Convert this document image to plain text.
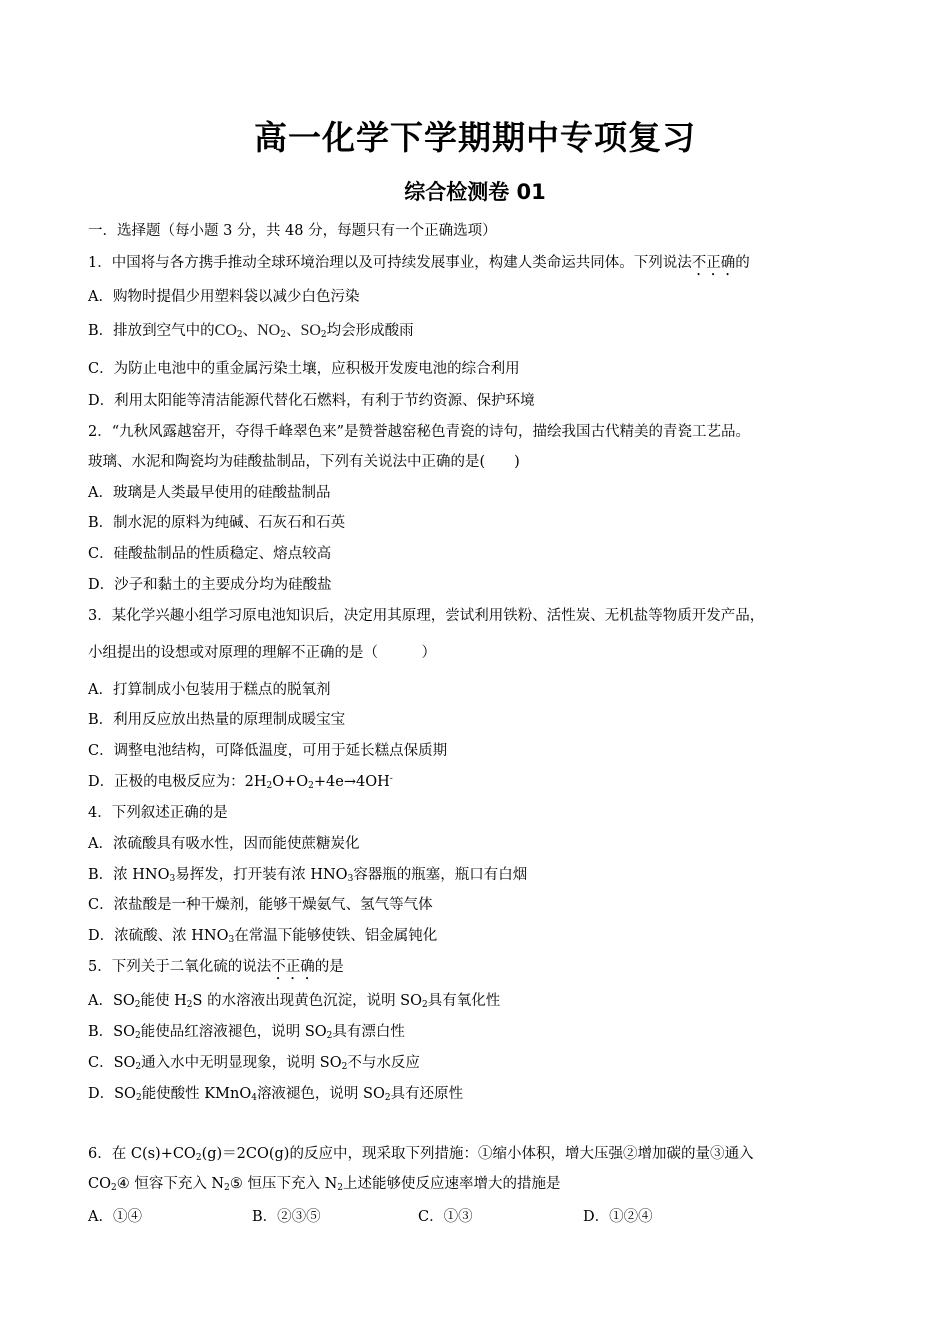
高一化学下学期期中专项复习
综合检测卷 01
一．选择题（每小题 3 分，共 48 分，每题只有一个正确选项）
1．中国将与各方携手推动全球环境治理以及可持续发展事业，构建人类命运共同体。下列说法不正确的
A．购物时提倡少用塑料袋以减少白色污染
B．排放到空气中的$CO_2$、$NO_2$、$SO_2$均会形成酸雨
C．为防止电池中的重金属污染土壤，应积极开发废电池的综合利用
D．利用太阳能等清洁能源代替化石燃料，有利于节约资源、保护环境
2．“九秋风露越窑开，夺得千峰翠色来”是赞誉越窑秘色青瓷的诗句，描绘我国古代精美的青瓷工艺品。
玻璃、水泥和陶瓷均为硅酸盐制品，下列有关说法中正确的是(　　)
A．玻璃是人类最早使用的硅酸盐制品
B．制水泥的原料为纯碱、石灰石和石英
C．硅酸盐制品的性质稳定、熔点较高
D．沙子和黏土的主要成分均为硅酸盐
3．某化学兴趣小组学习原电池知识后，决定用其原理，尝试利用铁粉、活性炭、无机盐等物质开发产品，
小组提出的设想或对原理的理解不正确的是（　　　）
A．打算制成小包装用于糕点的脱氧剂
B．利用反应放出热量的原理制成暖宝宝
C．调整电池结构，可降低温度，可用于延长糕点保质期
D．正极的电极反应为：$2H_2O+O_2+4e\to 4OH^-$
4．下列叙述正确的是
A．浓硫酸具有吸水性，因而能使蔗糖炭化
B．浓 $HNO_3$易挥发，打开装有浓 $HNO_3$容器瓶的瓶塞，瓶口有白烟
C．浓盐酸是一种干燥剂，能够干燥氨气、氢气等气体
D．浓硫酸、浓 $HNO_3$在常温下能够使铁、铝金属钝化
5．下列关于二氧化硫的说法不正确的是
A．$SO_2$能使 $H_2S$ 的水溶液出现黄色沉淀，说明 $SO_2$具有氧化性
B．$SO_2$能使品红溶液褪色，说明 $SO_2$具有漂白性
C．$SO_2$通入水中无明显现象，说明 $SO_2$不与水反应
D．$SO_2$能使酸性 KMnO$_4$溶液褪色，说明 $SO_2$具有还原性
6．在 $C(s)+CO_2(g)=2CO(g)$的反应中，现采取下列措施：①缩小体积，增大压强②增加碳的量③通入
$CO_2④$ 恒容下充入 $N_2⑤$ 恒压下充入 $N_2$上述能够使反应速率增大的措施是
A．①④	B．②③⑤	C．①③	D．①②④
